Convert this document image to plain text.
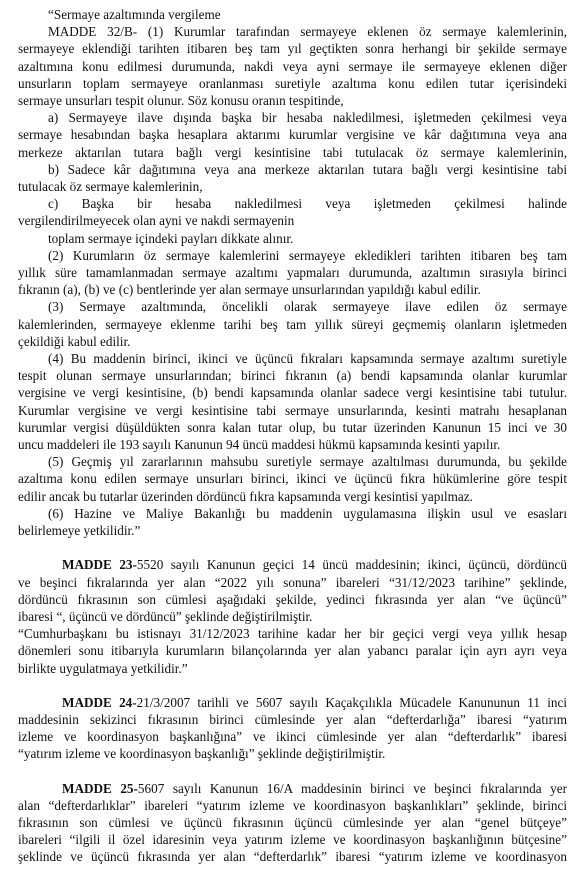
“Sermaye azaltımında vergileme

MADDE 32/B- (1) Kurumlar tarafından sermayeye eklenen öz sermaye kalemlerinin,

sermayeye eklendiği tarihten itibaren beş tam yıl geçtikten sonra herhangi bir şekilde sermaye

azaltımına konu edilmesi durumunda, nakdi veya ayni sermaye ile sermayeye eklenen diğer

unsurların toplam sermayeye oranlanması suretiyle azaltıma konu edilen tutar içerisindeki

sermaye unsurları tespit olunur. Söz konusu oranın tespitinde,

a) Sermayeye ilave dışında başka bir hesaba nakledilmesi, işletmeden çekilmesi veya

sermaye hesabından başka hesaplara aktarımı kurumlar vergisine ve kâr dağıtımına veya ana

merkeze aktarılan tutara bağlı vergi kesintisine tabi tutulacak öz sermaye kalemlerinin,

b) Sadece kâr dağıtımına veya ana merkeze aktarılan tutara bağlı vergi kesintisine tabi

tutulacak öz sermaye kalemlerinin,

c) Başka bir hesaba nakledilmesi veya işletmeden çekilmesi halinde

vergilendirilmeyecek olan ayni ve nakdi sermayenin

toplam sermaye içindeki payları dikkate alınır.

(2) Kurumların öz sermaye kalemlerini sermayeye ekledikleri tarihten itibaren beş tam

yıllık süre tamamlanmadan sermaye azaltımı yapmaları durumunda, azaltımın sırasıyla birinci

fıkranın (a), (b) ve (c) bentlerinde yer alan sermaye unsurlarından yapıldığı kabul edilir.

(3) Sermaye azaltımında, öncelikli olarak sermayeye ilave edilen öz sermaye

kalemlerinden, sermayeye eklenme tarihi beş tam yıllık süreyi geçmemiş olanların işletmeden

çekildiği kabul edilir.

(4) Bu maddenin birinci, ikinci ve üçüncü fıkraları kapsamında sermaye azaltımı suretiyle

tespit olunan sermaye unsurlarından; birinci fıkranın (a) bendi kapsamında olanlar kurumlar

vergisine ve vergi kesintisine, (b) bendi kapsamında olanlar sadece vergi kesintisine tabi tutulur.

Kurumlar vergisine ve vergi kesintisine tabi sermaye unsurlarında, kesinti matrahı hesaplanan

kurumlar vergisi düşüldükten sonra kalan tutar olup, bu tutar üzerinden Kanunun 15 inci ve 30

uncu maddeleri ile 193 sayılı Kanunun 94 üncü maddesi hükmü kapsamında kesinti yapılır.

(5) Geçmiş yıl zararlarının mahsubu suretiyle sermaye azaltılması durumunda, bu şekilde

azaltıma konu edilen sermaye unsurları birinci, ikinci ve üçüncü fıkra hükümlerine göre tespit

edilir ancak bu tutarlar üzerinden dördüncü fıkra kapsamında vergi kesintisi yapılmaz.

(6) Hazine ve Maliye Bakanlığı bu maddenin uygulamasına ilişkin usul ve esasları

belirlemeye yetkilidir.”

MADDE 23-5520 sayılı Kanunun geçici 14 üncü maddesinin; ikinci, üçüncü, dördüncü

ve beşinci fıkralarında yer alan “2022 yılı sonuna” ibareleri “31/12/2023 tarihine” şeklinde,

dördüncü fıkrasının son cümlesi aşağıdaki şekilde, yedinci fıkrasında yer alan “ve üçüncü”

ibaresi “, üçüncü ve dördüncü” şeklinde değiştirilmiştir.

“Cumhurbaşkanı bu istisnayı 31/12/2023 tarihine kadar her bir geçici vergi veya yıllık hesap

dönemleri sonu itibarıyla kurumların bilançolarında yer alan yabancı paralar için ayrı ayrı veya

birlikte uygulatmaya yetkilidir.”

MADDE 24-21/3/2007 tarihli ve 5607 sayılı Kaçakçılıkla Mücadele Kanununun 11 inci

maddesinin sekizinci fıkrasının birinci cümlesinde yer alan “defterdarlığa” ibaresi “yatırım

izleme ve koordinasyon başkanlığına” ve ikinci cümlesinde yer alan “defterdarlık” ibaresi

“yatırım izleme ve koordinasyon başkanlığı” şeklinde değiştirilmiştir.

MADDE 25-5607 sayılı Kanunun 16/A maddesinin birinci ve beşinci fıkralarında yer

alan “defterdarlıklar” ibareleri “yatırım izleme ve koordinasyon başkanlıkları” şeklinde, birinci

fıkrasının son cümlesi ve üçüncü fıkrasının üçüncü cümlesinde yer alan “genel bütçeye”

ibareleri “ilgili il özel idaresinin veya yatırım izleme ve koordinasyon başkanlığının bütçesine”

şeklinde ve üçüncü fıkrasında yer alan “defterdarlık” ibaresi “yatırım izleme ve koordinasyon
